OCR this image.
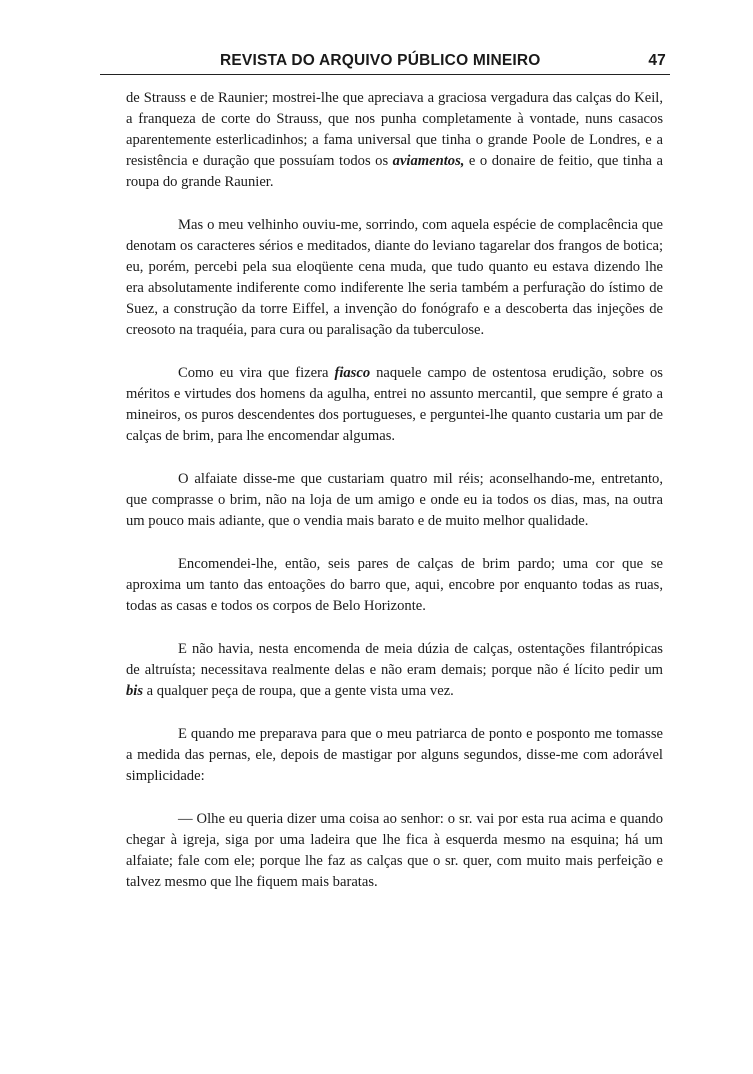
REVISTA DO ARQUIVO PÚBLICO MINEIRO	47

de Strauss e de Raunier; mostrei-lhe que apreciava a graciosa vergadura das calças do Keil, a franqueza de corte do Strauss, que nos punha completamente à vontade, nuns casacos aparentemente esterlicadinhos; a fama universal que tinha o grande Poole de Londres, e a resistência e duração que possuíam todos os aviamentos, e o donaire de feitio, que tinha a roupa do grande Raunier.

Mas o meu velhinho ouviu-me, sorrindo, com aquela espécie de complacência que denotam os caracteres sérios e meditados, diante do leviano tagarelar dos frangos de botica; eu, porém, percebi pela sua eloqüente cena muda, que tudo quanto eu estava dizendo lhe era absolutamente indiferente como indiferente lhe seria também a perfuração do ístimo de Suez, a construção da torre Eiffel, a invenção do fonógrafo e a descoberta das injeções de creosoto na traquéia, para cura ou paralisação da tuberculose.

Como eu vira que fizera fiasco naquele campo de ostentosa erudição, sobre os méritos e virtudes dos homens da agulha, entrei no assunto mercantil, que sempre é grato a mineiros, os puros descendentes dos portugueses, e perguntei-lhe quanto custaria um par de calças de brim, para lhe encomendar algumas.

O alfaiate disse-me que custariam quatro mil réis; aconselhando-me, entretanto, que comprasse o brim, não na loja de um amigo e onde eu ia todos os dias, mas, na outra um pouco mais adiante, que o vendia mais barato e de muito melhor qualidade.

Encomendei-lhe, então, seis pares de calças de brim pardo; uma cor que se aproxima um tanto das entoações do barro que, aqui, encobre por enquanto todas as ruas, todas as casas e todos os corpos de Belo Horizonte.

E não havia, nesta encomenda de meia dúzia de calças, ostentações filantrópicas de altruísta; necessitava realmente delas e não eram demais; porque não é lícito pedir um bis a qualquer peça de roupa, que a gente vista uma vez.

E quando me preparava para que o meu patriarca de ponto e posponto me tomasse a medida das pernas, ele, depois de mastigar por alguns segundos, disse-me com adorável simplicidade:

— Olhe eu queria dizer uma coisa ao senhor: o sr. vai por esta rua acima e quando chegar à igreja, siga por uma ladeira que lhe fica à esquerda mesmo na esquina; há um alfaiate; fale com ele; porque lhe faz as calças que o sr. quer, com muito mais perfeição e talvez mesmo que lhe fiquem mais baratas.
